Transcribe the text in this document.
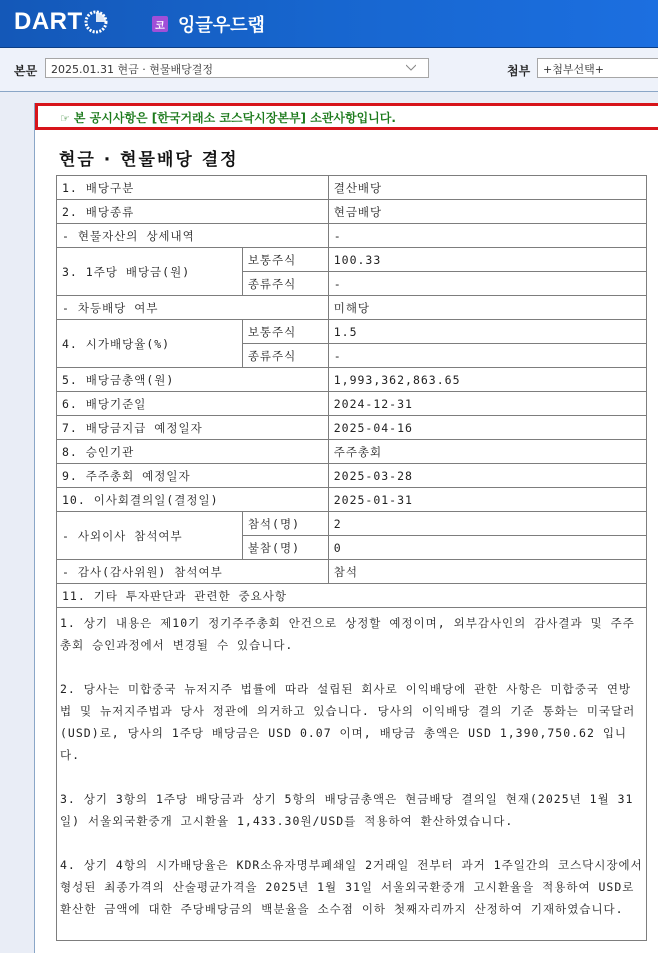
DART	코 잉글우드랩
본문	2025.01.31 현금 · 현물배당결정	첨부	+첨부선택+
☞ 본 공시사항은 [한국거래소 코스닥시장본부] 소관사항입니다.
현금 · 현물배당 결정
1. 배당구분		결산배당
2. 배당종류		현금배당
- 현물자산의 상세내역		-
3. 1주당 배당금(원)	보통주식	100.33
	종류주식	-
- 차등배당 여부		미해당
4. 시가배당율(%)	보통주식	1.5
	종류주식	-
5. 배당금총액(원)		1,993,362,863.65
6. 배당기준일		2024-12-31
7. 배당금지급 예정일자		2025-04-16
8. 승인기관		주주총회
9. 주주총회 예정일자		2025-03-28
10. 이사회결의일(결정일)		2025-01-31
- 사외이사 참석여부	참석(명)	2
	불참(명)	0
- 감사(감사위원) 참석여부		참석
11. 기타 투자판단과 관련한 중요사항		

1. 상기 내용은 제10기 정기주주총회 안건으로 상정할 예정이며, 외부감사인의 감사결과 및 주주총회 승인과정에서 변경될 수 있습니다.
2. 당사는 미합중국 뉴저지주 법률에 따라 설립된 회사로 이익배당에 관한 사항은 미합중국 연방법 및 뉴저지주법과 당사 정관에 의거하고 있습니다. 당사의 이익배당 결의 기준 통화는 미국달러(USD)로, 당사의 1주당 배당금은 USD 0.07 이며, 배당금 총액은 USD 1,390,750.62 입니다.
3. 상기 3항의 1주당 배당금과 상기 5항의 배당금총액은 현금배당 결의일 현재(2025년 1월 31일) 서울외국환중개 고시환율 1,433.30원/USD를 적용하여 환산하였습니다.
4. 상기 4항의 시가배당율은 KDR소유자명부폐쇄일 2거래일 전부터 과거 1주일간의 코스닥시장에서 형성된 최종가격의 산술평균가격을 2025년 1월 31일 서울외국환중개 고시환율을 적용하여 USD로 환산한 금액에 대한 주당배당금의 백분율을 소수점 이하 첫째자리까지 산정하여 기재하였습니다.		
